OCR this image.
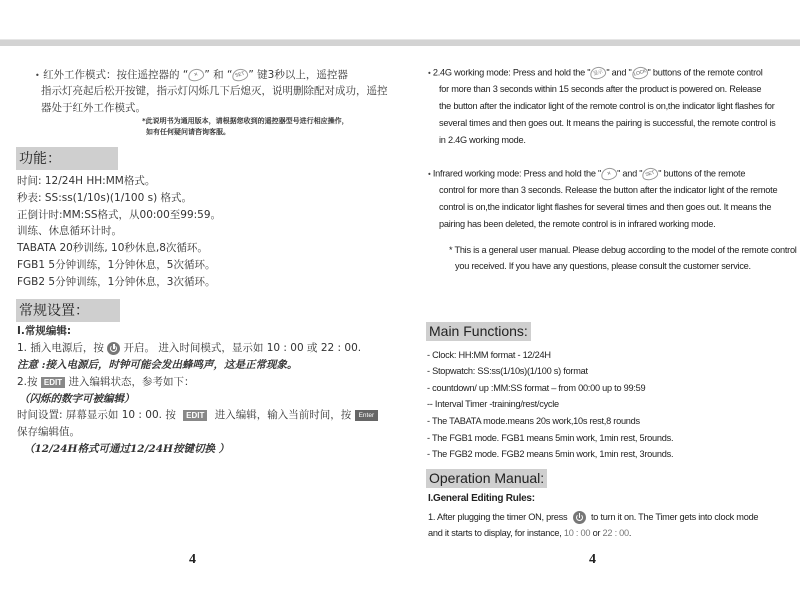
• 红外工作模式：按住遥控器的 “ ✕ ” 和 “ SET ” 键3秒以上，遥控器
指示灯亮起后松开按键，指示灯闪烁几下后熄灭，说明删除配对成功，遥控
器处于红外工作模式。
*此说明书为通用版本，请根据您收到的遥控器型号进行相应操作，
如有任何疑问请咨询客服。
功能：
时间: 12/24H HH:MM格式。
秒表: SS:ss(1/10s)(1/100 s) 格式。
正倒计时:MM:SS格式，从00:00至99:59。
训练、休息循环计时。
TABATA 20秒训练, 10秒休息,8次循环。
FGB1 5分钟训练，1分钟休息，5次循环。
FGB2 5分钟训练，1分钟休息，3次循环。
常规设置：
I.常规编辑:
1. 插入电源后，按 开启。 进入时间模式，显示如 10 : 00 或 22 : 00.
注意 :接入电源后，时钟可能会发出蜂鸣声，这是正常现象。
2.按 EDIT 进入编辑状态，参考如下：
（闪烁的数字可被编辑）
时间设置: 屏幕显示如 10 : 00. 按 EDIT 进入编辑，输入当前时间，按 Enter
保存编辑值。
（12/24H格式可通过12/24H按键切换 ）
4
• 2.4G working mode: Press and hold the " 显示 " and "LOCK" buttons of the remote control
for more than 3 seconds within 15 seconds after the product is powered on. Release
the button after the indicator light of the remote control is on,the indicator light flashes for
several times and then goes out. It means the pairing is successful, the remote control is
in 2.4G working mode.
• Infrared working mode: Press and hold the " ✕ " and " SET " buttons of the remote
control for more than 3 seconds. Release the button after the indicator light of the remote
control is on,the indicator light flashes for several times and then goes out. It means the
pairing has been deleted, the remote control is in infrared working mode.
* This is a general user manual. Please debug according to the model of the remote control
you received. If you have any questions, please consult the customer service.
Main Functions:
- Clock: HH:MM format - 12/24H
- Stopwatch: SS:ss(1/10s)(1/100 s) format
- countdown/ up :MM:SS format – from 00:00 up to 99:59
-- Interval Timer -training/rest/cycle
- The TABATA mode.means 20s work,10s rest,8 rounds
- The FGB1 mode. FGB1 means 5min work, 1min rest, 5rounds.
- The FGB2 mode. FGB2 means 5min work, 1min rest, 3rounds.
Operation Manual:
I.General Editing Rules:
1. After plugging the timer ON, press	to turn it on. The Timer gets into clock mode
and it starts to display, for instance, 10 : 00 or 22 : 00.
4
